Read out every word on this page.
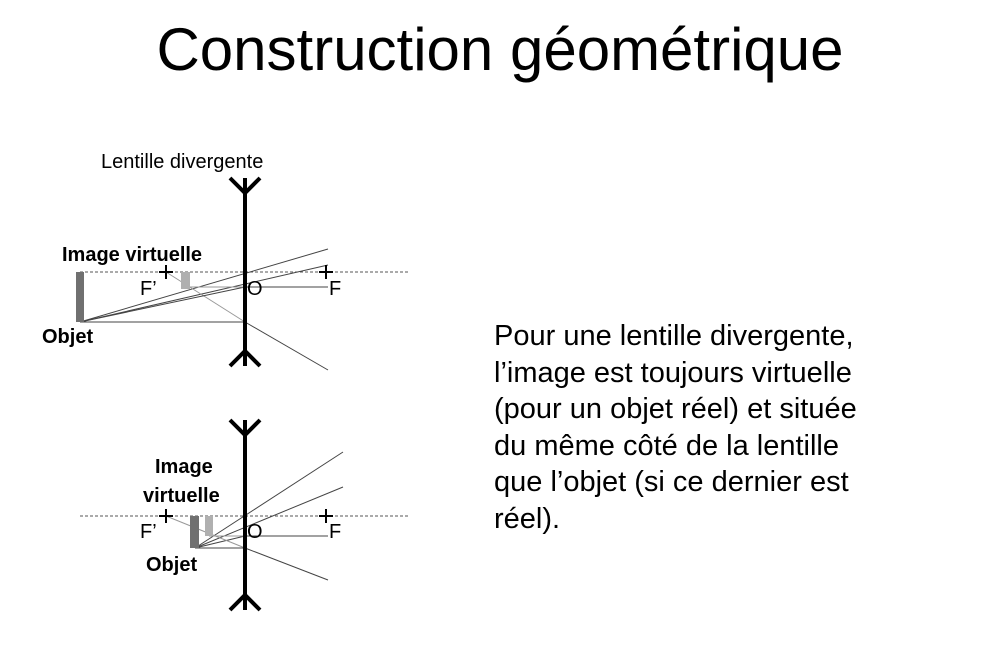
Construction géométrique
Lentille divergente
Image virtuelle
Objet
F’	O	F
Image
virtuelle
Objet
F’	O	F
Pour une lentille divergente,
l’image est toujours virtuelle
(pour un objet réel) et située
du même côté de la lentille
que l’objet (si ce dernier est
réel).
